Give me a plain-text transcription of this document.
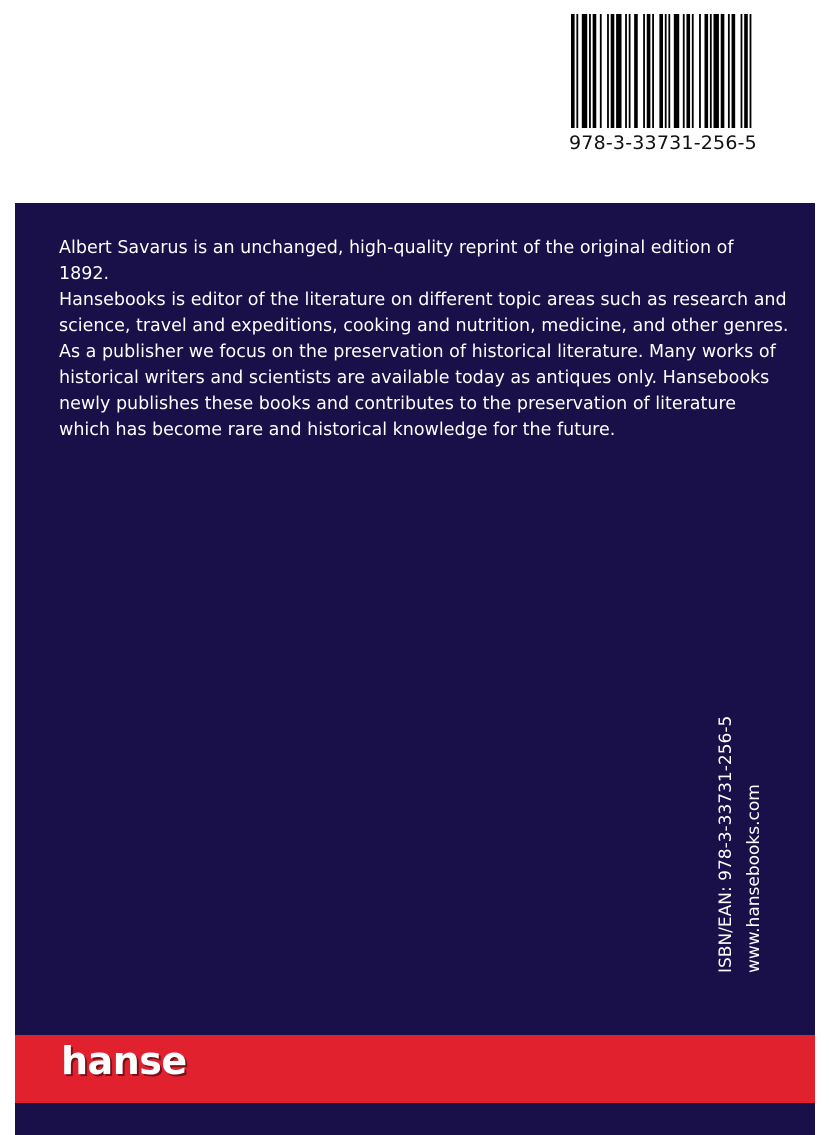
978-3-33731-256-5

Albert Savarus is an unchanged, high-quality reprint of the original edition of 1892.

Hansebooks is editor of the literature on different topic areas such as research and science, travel and expeditions, cooking and nutrition, medicine, and other genres. As a publisher we focus on the preservation of historical literature. Many works of historical writers and scientists are available today as antiques only. Hansebooks newly publishes these books and contributes to the preservation of literature which has become rare and historical knowledge for the future.

ISBN/EAN: 978-3-33731-256-5 www.hansebooks.com
hanse
